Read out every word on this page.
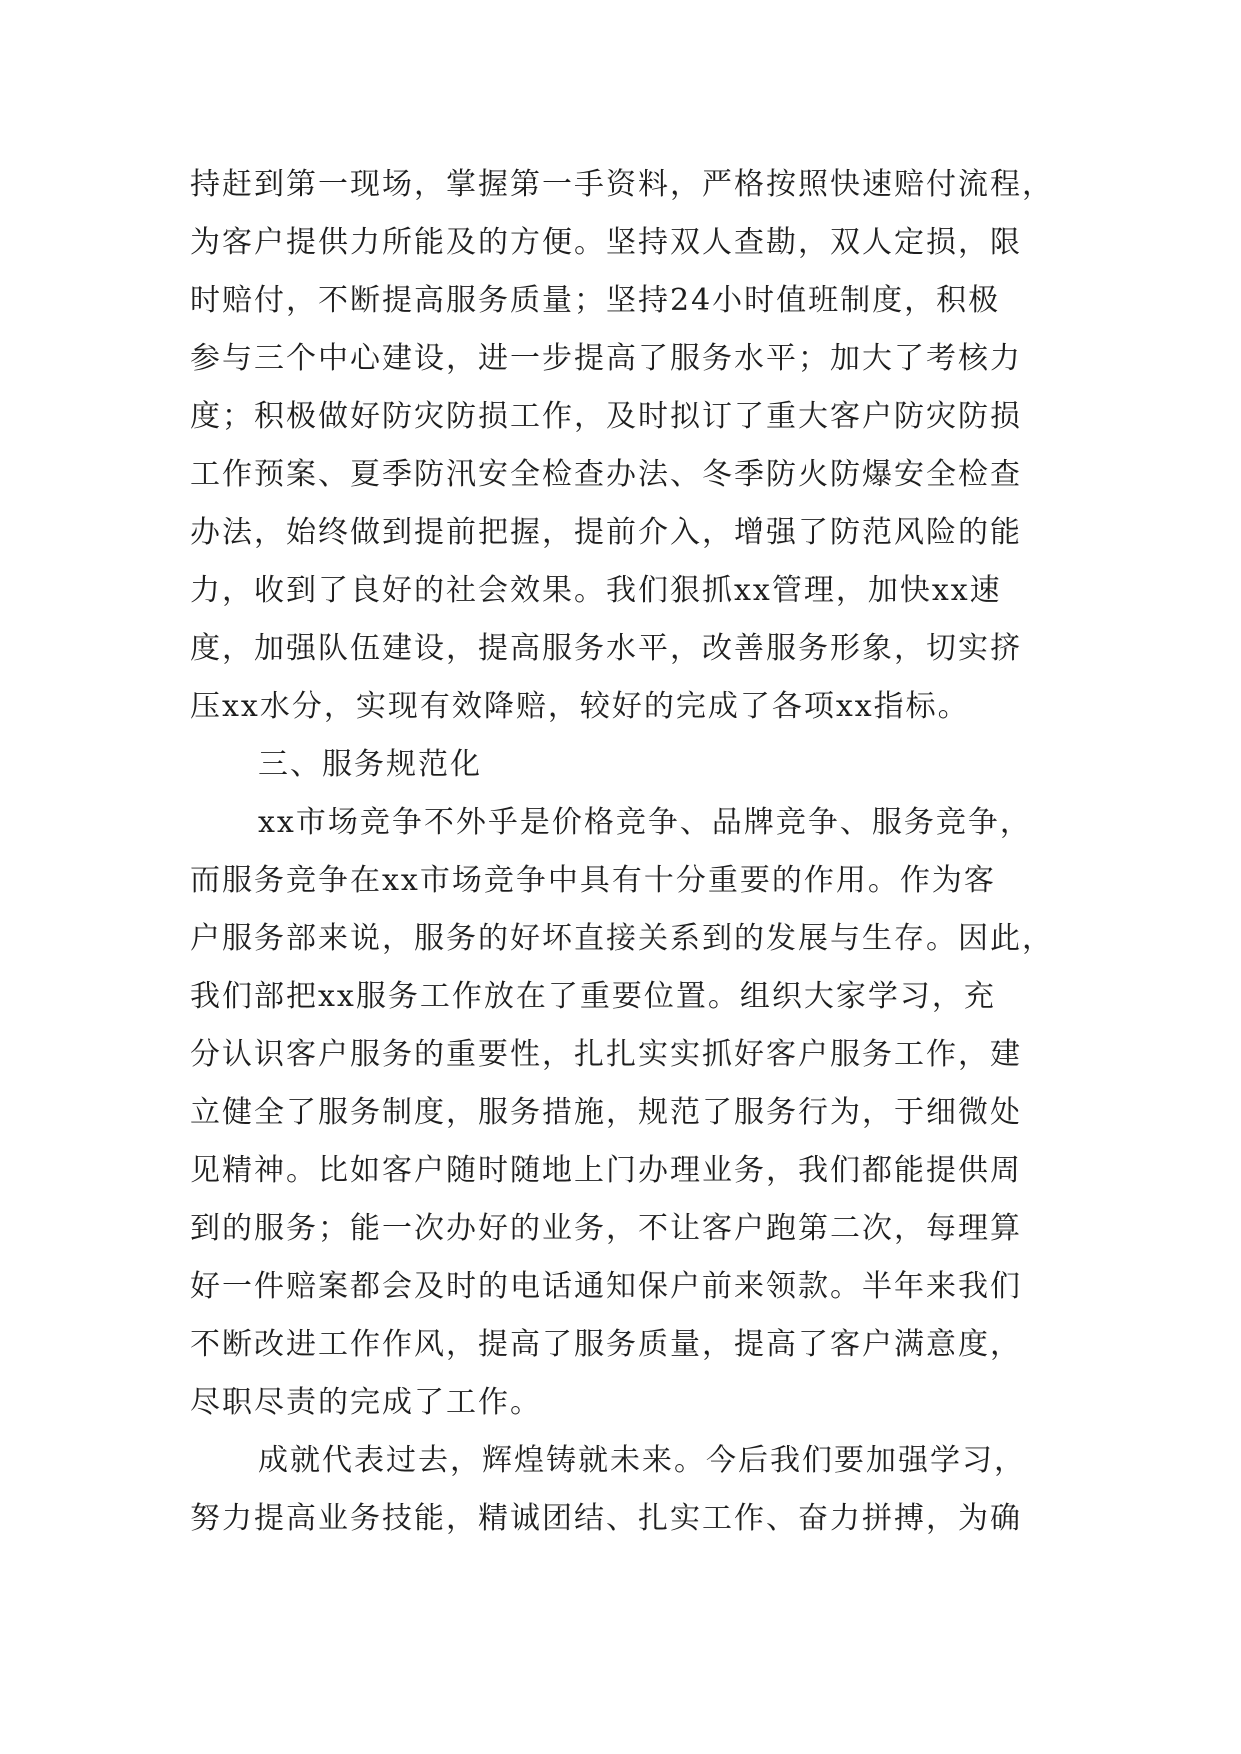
持赶到第一现场，掌握第一手资料，严格按照快速赔付流程，
为客户提供力所能及的方便。坚持双人查勘，双人定损，限
时赔付，不断提高服务质量；坚持24小时值班制度，积极
参与三个中心建设，进一步提高了服务水平；加大了考核力
度；积极做好防灾防损工作，及时拟订了重大客户防灾防损
工作预案、夏季防汛安全检查办法、冬季防火防爆安全检查
办法，始终做到提前把握，提前介入，增强了防范风险的能
力，收到了良好的社会效果。我们狠抓xx管理，加快xx速
度，加强队伍建设，提高服务水平，改善服务形象，切实挤
压xx水分，实现有效降赔，较好的完成了各项xx指标。
三、服务规范化
xx市场竞争不外乎是价格竞争、品牌竞争、服务竞争，
而服务竞争在xx市场竞争中具有十分重要的作用。作为客
户服务部来说，服务的好坏直接关系到的发展与生存。因此，
我们部把xx服务工作放在了重要位置。组织大家学习，充
分认识客户服务的重要性，扎扎实实抓好客户服务工作，建
立健全了服务制度，服务措施，规范了服务行为，于细微处
见精神。比如客户随时随地上门办理业务，我们都能提供周
到的服务；能一次办好的业务，不让客户跑第二次，每理算
好一件赔案都会及时的电话通知保户前来领款。半年来我们
不断改进工作作风，提高了服务质量，提高了客户满意度，
尽职尽责的完成了工作。
成就代表过去，辉煌铸就未来。今后我们要加强学习，
努力提高业务技能，精诚团结、扎实工作、奋力拼搏，为确
